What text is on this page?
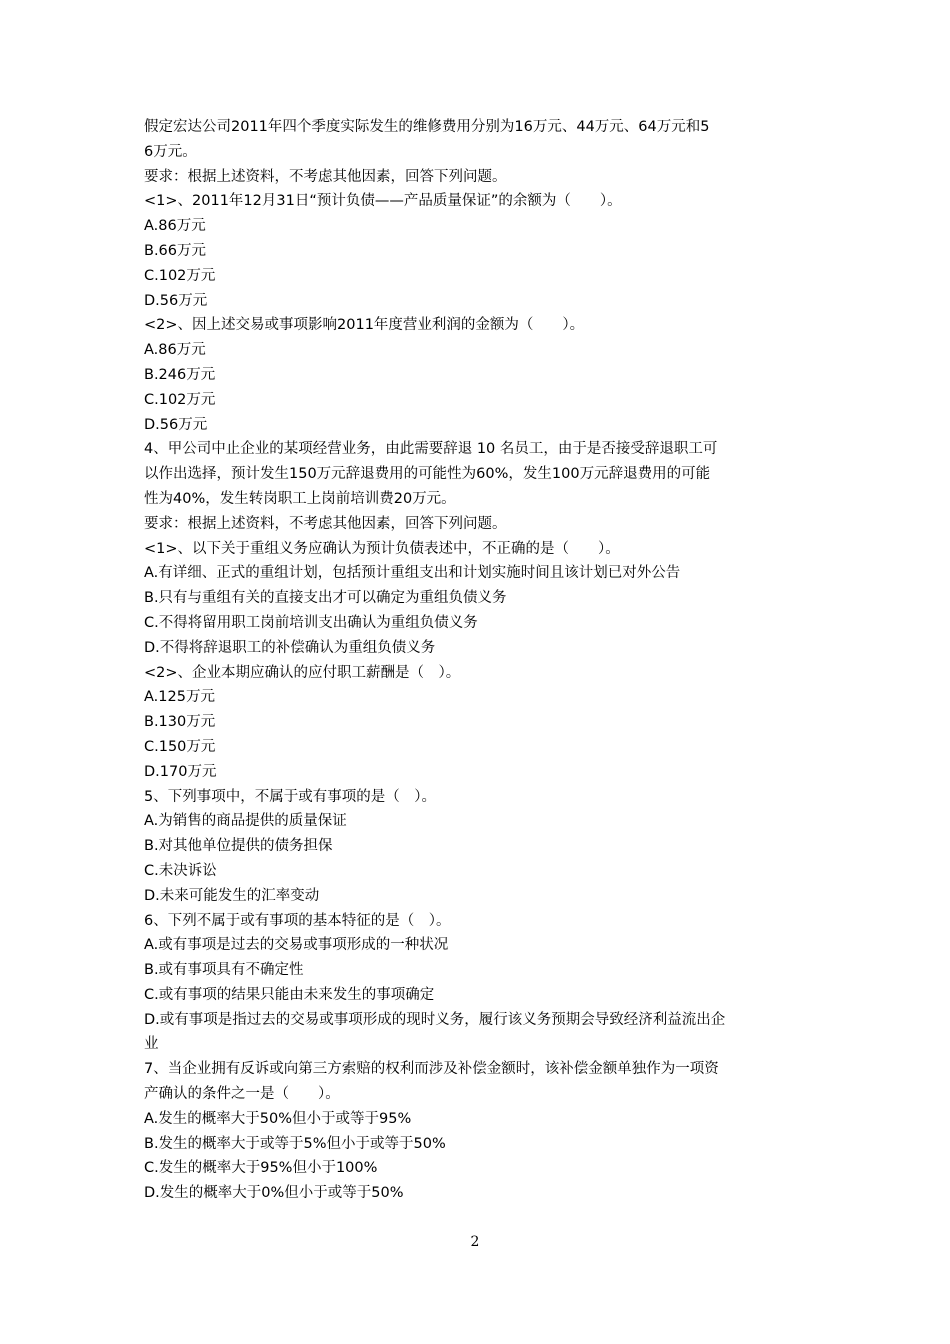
假定宏达公司2011年四个季度实际发生的维修费用分别为16万元、44万元、64万元和5
6万元。
要求：根据上述资料，不考虑其他因素，回答下列问题。
<1>、2011年12月31日“预计负债——产品质量保证”的余额为（　　）。
A.86万元
B.66万元
C.102万元
D.56万元
<2>、因上述交易或事项影响2011年度营业利润的金额为（　　）。
A.86万元
B.246万元
C.102万元
D.56万元
4、甲公司中止企业的某项经营业务，由此需要辞退 10 名员工，由于是否接受辞退职工可
以作出选择，预计发生150万元辞退费用的可能性为60%，发生100万元辞退费用的可能
性为40%，发生转岗职工上岗前培训费20万元。
要求：根据上述资料，不考虑其他因素，回答下列问题。
<1>、以下关于重组义务应确认为预计负债表述中，不正确的是（　　）。
A.有详细、正式的重组计划，包括预计重组支出和计划实施时间且该计划已对外公告
B.只有与重组有关的直接支出才可以确定为重组负债义务
C.不得将留用职工岗前培训支出确认为重组负债义务
D.不得将辞退职工的补偿确认为重组负债义务
<2>、企业本期应确认的应付职工薪酬是（　）。
A.125万元
B.130万元
C.150万元
D.170万元
5、下列事项中，不属于或有事项的是（　）。
A.为销售的商品提供的质量保证
B.对其他单位提供的债务担保
C.未决诉讼
D.未来可能发生的汇率变动
6、下列不属于或有事项的基本特征的是（　）。
A.或有事项是过去的交易或事项形成的一种状况
B.或有事项具有不确定性
C.或有事项的结果只能由未来发生的事项确定
D.或有事项是指过去的交易或事项形成的现时义务，履行该义务预期会导致经济利益流出企
业
7、当企业拥有反诉或向第三方索赔的权利而涉及补偿金额时，该补偿金额单独作为一项资
产确认的条件之一是（　　）。
A.发生的概率大于50%但小于或等于95%
B.发生的概率大于或等于5%但小于或等于50%
C.发生的概率大于95%但小于100%
D.发生的概率大于0%但小于或等于50%
2
